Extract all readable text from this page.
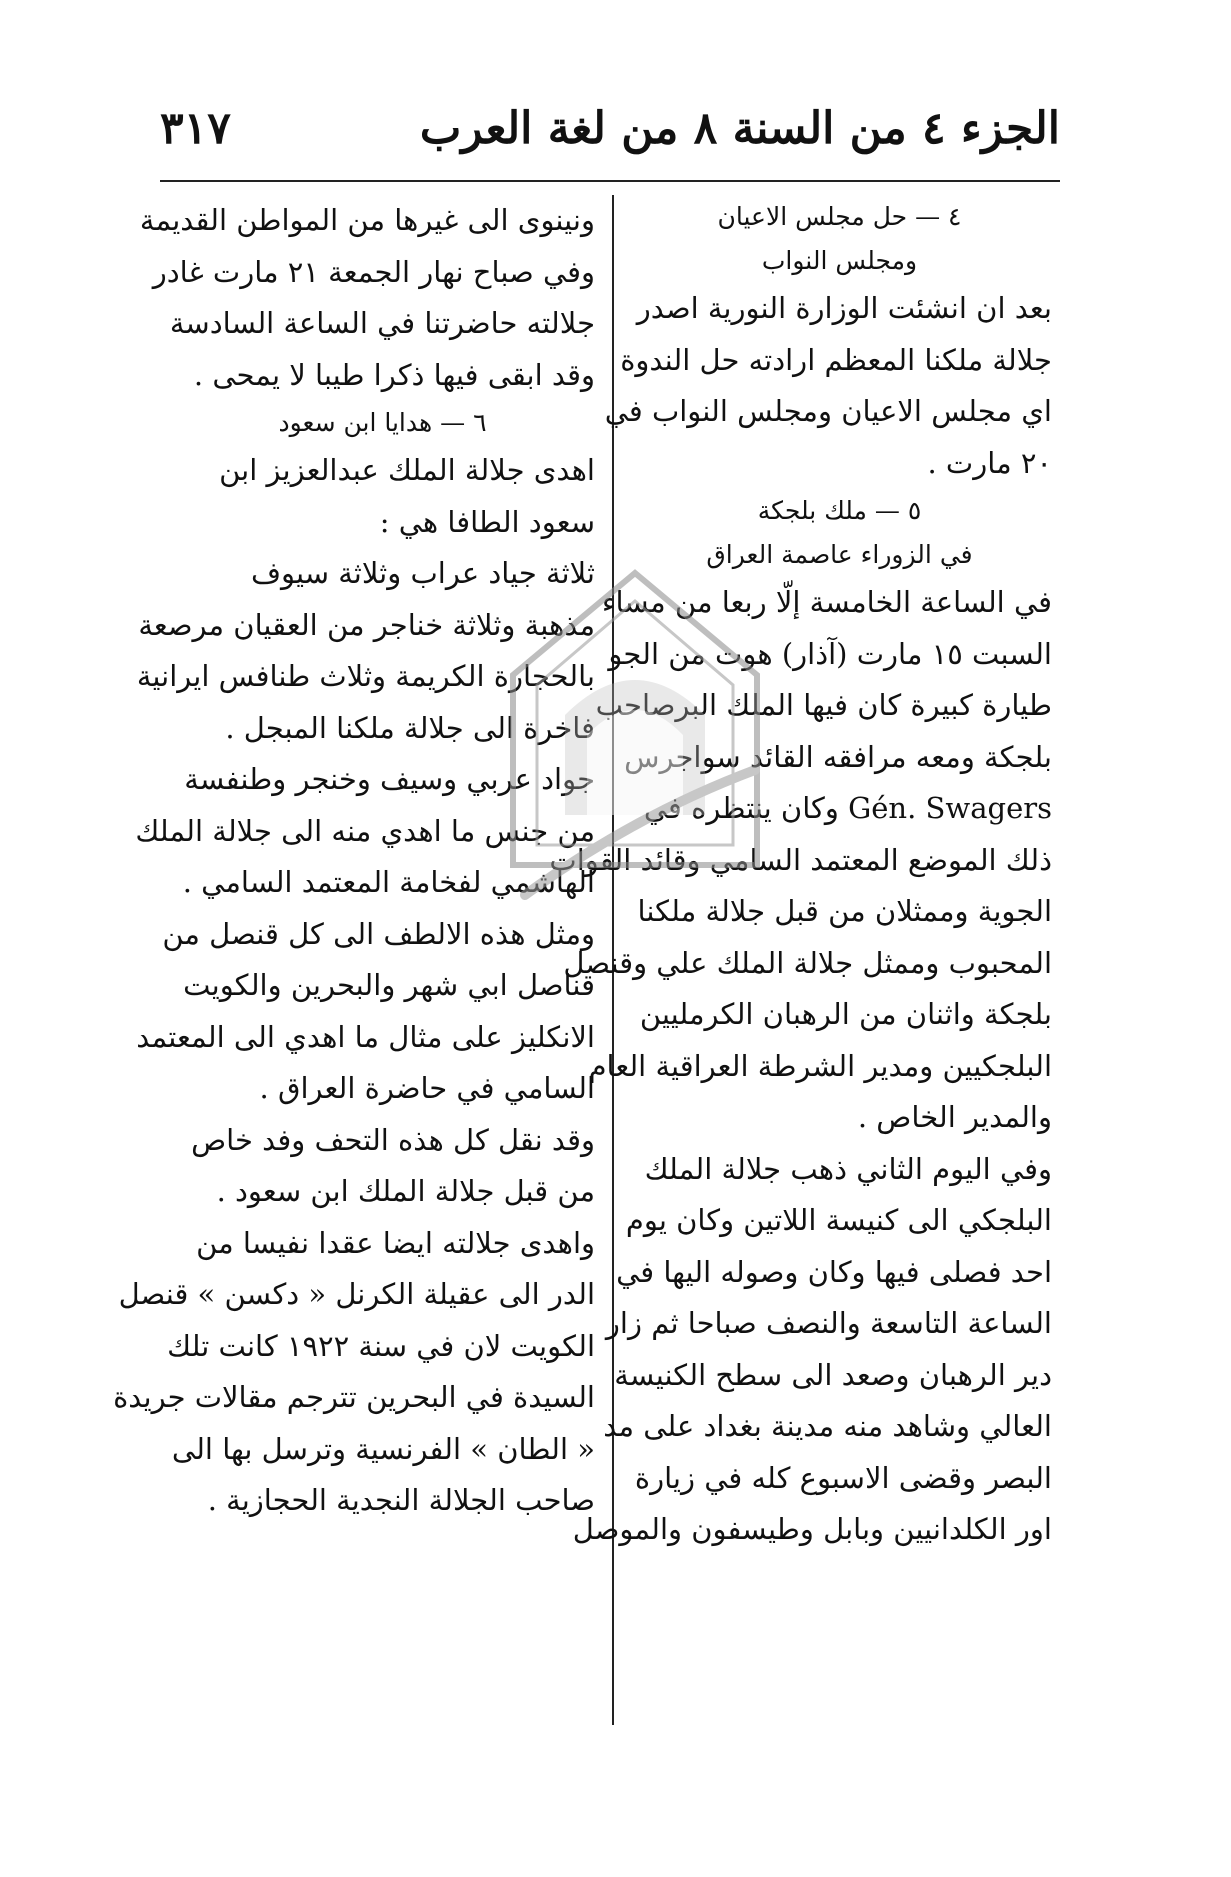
الجزء ٤ من السنة ٨ من لغة العرب
٣١٧
٤ — حل مجلس الاعيان
ومجلس النواب

بعد ان انشئت الوزارة النورية اصدر
جلالة ملكنا المعظم ارادته حل الندوة
اي مجلس الاعيان ومجلس النواب في
٢٠ مارت .

٥ — ملك بلجكة
في الزوراء عاصمة العراق

في الساعة الخامسة إلّا ربعا من مساء
السبت ١٥ مارت (آذار) هوت من الجو
طيارة كبيرة كان فيها الملك البرصاحب
بلجكة ومعه مرافقه القائد سواجرس
Gén. Swagers وكان ينتظره في
ذلك الموضع المعتمد السامي وقائد القوات
الجوية وممثلان من قبل جلالة ملكنا
المحبوب وممثل جلالة الملك علي وقنصل
بلجكة واثنان من الرهبان الكرمليين
البلجكيين ومدير الشرطة العراقية العام
والمدير الخاص .

وفي اليوم الثاني ذهب جلالة الملك
البلجكي الى كنيسة اللاتين وكان يوم
احد فصلى فيها وكان وصوله اليها في
الساعة التاسعة والنصف صباحا ثم زار
دير الرهبان وصعد الى سطح الكنيسة
العالي وشاهد منه مدينة بغداد على مد
البصر وقضى الاسبوع كله في زيارة
اور الكلدانيين وبابل وطيسفون والموصل

ونينوى الى غيرها من المواطن القديمة
وفي صباح نهار الجمعة ٢١ مارت غادر
جلالته حاضرتنا في الساعة السادسة
وقد ابقى فيها ذكرا طيبا لا يمحى .

٦ — هدايا ابن سعود

اهدى جلالة الملك عبدالعزيز ابن
سعود الطافا هي :

ثلاثة جياد عراب وثلاثة سيوف
مذهبة وثلاثة خناجر من العقيان مرصعة
بالحجارة الكريمة وثلاث طنافس ايرانية
فاخرة الى جلالة ملكنا المبجل .

جواد عربي وسيف وخنجر وطنفسة
من جنس ما اهدي منه الى جلالة الملك
الهاشمي لفخامة المعتمد السامي .

ومثل هذه الالطف الى كل قنصل من
قناصل ابي شهر والبحرين والكويت
الانكليز على مثال ما اهدي الى المعتمد
السامي في حاضرة العراق .

وقد نقل كل هذه التحف وفد خاص
من قبل جلالة الملك ابن سعود .

واهدى جلالته ايضا عقدا نفيسا من
الدر الى عقيلة الكرنل « دكسن » قنصل
الكويت لان في سنة ١٩٢٢ كانت تلك
السيدة في البحرين تترجم مقالات جريدة
« الطان » الفرنسية وترسل بها الى
صاحب الجلالة النجدية الحجازية .
